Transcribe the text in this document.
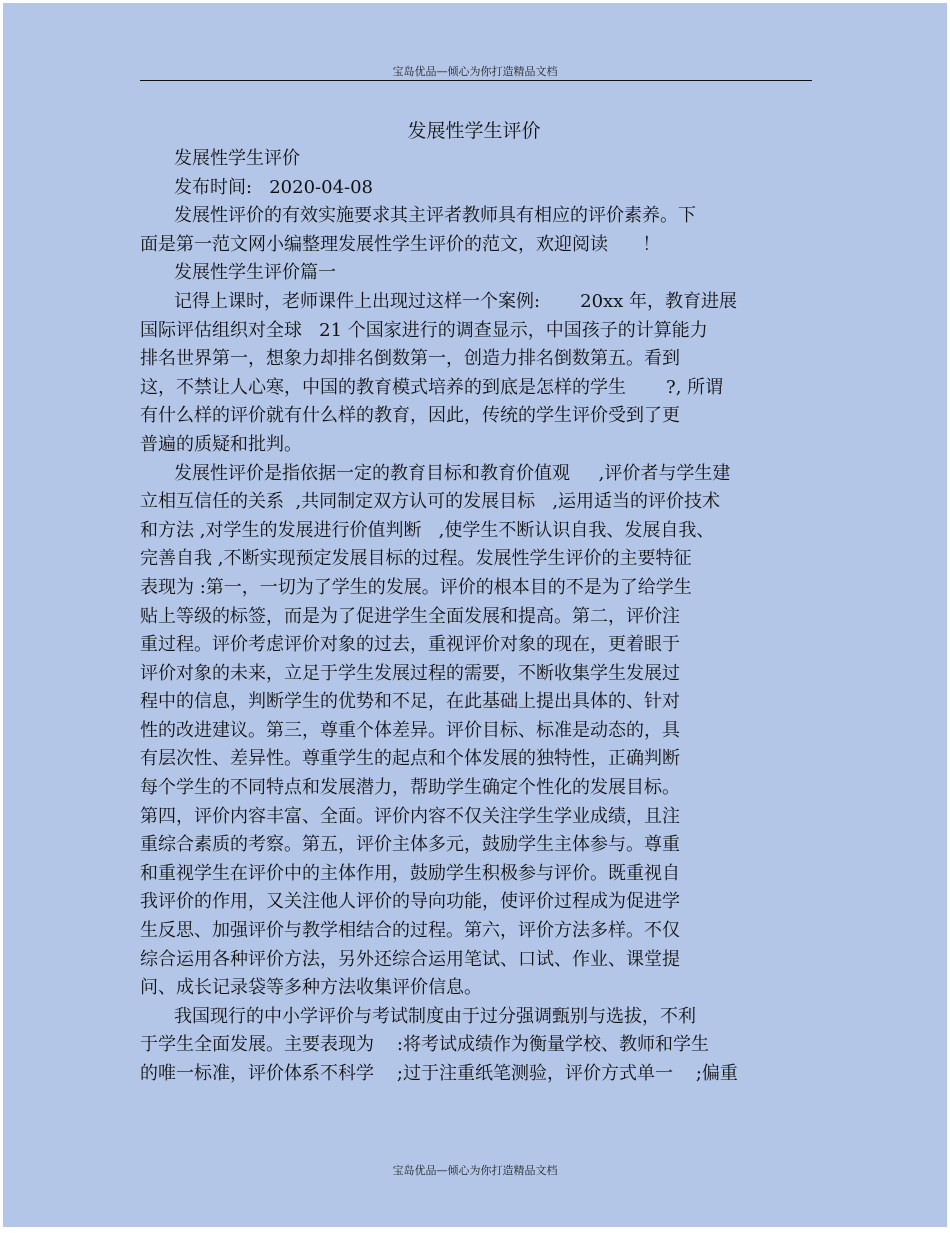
宝岛优品—倾心为你打造精品文档
发展性学生评价
发展性学生评价
发布时间:   2020-04-08
发展性评价的有效实施要求其主评者教师具有相应的评价素养。下
面是第一范文网小编整理发展性学生评价的范文，欢迎阅读      ！
发展性学生评价篇一
记得上课时，老师课件上出现过这样一个案例:       20xx 年，教育进展
国际评估组织对全球   21 个国家进行的调查显示，中国孩子的计算能力
排名世界第一，想象力却排名倒数第一，创造力排名倒数第五。看到
这，不禁让人心寒，中国的教育模式培养的到底是怎样的学生       ?, 所谓
有什么样的评价就有什么样的教育，因此，传统的学生评价受到了更
普遍的质疑和批判。
发展性评价是指依据一定的教育目标和教育价值观     ,评价者与学生建
立相互信任的关系  ,共同制定双方认可的发展目标   ,运用适当的评价技术
和方法 ,对学生的发展进行价值判断   ,使学生不断认识自我、发展自我、
完善自我 ,不断实现预定发展目标的过程。发展性学生评价的主要特征
表现为 :第一，一切为了学生的发展。评价的根本目的不是为了给学生
贴上等级的标签，而是为了促进学生全面发展和提高。第二，评价注
重过程。评价考虑评价对象的过去，重视评价对象的现在，更着眼于
评价对象的未来，立足于学生发展过程的需要，不断收集学生发展过
程中的信息，判断学生的优势和不足，在此基础上提出具体的、针对
性的改进建议。第三，尊重个体差异。评价目标、标准是动态的，具
有层次性、差异性。尊重学生的起点和个体发展的独特性，正确判断
每个学生的不同特点和发展潜力，帮助学生确定个性化的发展目标。
第四，评价内容丰富、全面。评价内容不仅关注学生学业成绩，且注
重综合素质的考察。第五，评价主体多元，鼓励学生主体参与。尊重
和重视学生在评价中的主体作用，鼓励学生积极参与评价。既重视自
我评价的作用，又关注他人评价的导向功能，使评价过程成为促进学
生反思、加强评价与教学相结合的过程。第六，评价方法多样。不仅
综合运用各种评价方法，另外还综合运用笔试、口试、作业、课堂提
问、成长记录袋等多种方法收集评价信息。
我国现行的中小学评价与考试制度由于过分强调甄别与选拔，不利
于学生全面发展。主要表现为    :将考试成绩作为衡量学校、教师和学生
的唯一标准，评价体系不科学    ;过于注重纸笔测验，评价方式单一    ;偏重
宝岛优品—倾心为你打造精品文档
